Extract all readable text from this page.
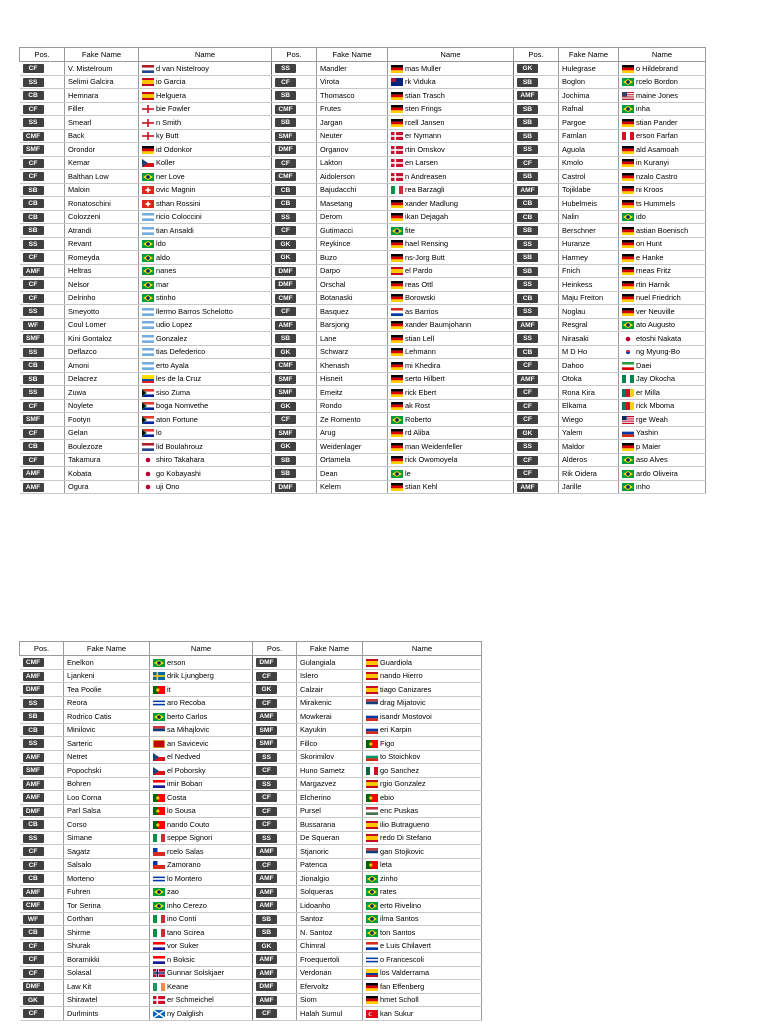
Pos.	Fake Name	Name	Pos.	Fake Name	Name	Pos.	Fake Name	Name
CF	V. Mistelroum	d van Nistelrooy	SS	Mandler	mas Muller	GK	Hulegrase	o Hildebrand
SS	Selimi Galcira	io Garcia	CF	Virota	rk Viduka	SB	Boglon	rcelo Bordon
CB	Hemnara	Helguera	SB	Thomasco	stian Trasch	AMF	Jochima	maine Jones
CF	Filler	bie Fowler	CMF	Frutes	sten Frings	SB	Rafnal	inha
SS	Smearl	n Smith	SB	Jargan	rcell Jansen	SB	Pargoe	stian Pander
CMF	Back	ky Butt	SMF	Neuter	er Nymann	SB	Famlan	erson Farfan
SMF	Orondor	id Odonkor	DMF	Organov	rtin Ornskov	SS	Aguola	ald Asamoah
CF	Kemar	Koller	CF	Lakton	en Larsen	CF	Kmolo	in Kuranyi
CF	Balthan Low	ner Love	CMF	Aidolerson	n Andreasen	SB	Castrol	nzalo Castro
SB	Maloin	ovic Magnin	CB	Bajudacchi	rea Barzagli	AMF	Tojiklabe	ni Kroos
CB	Ronatoschini	sthan Rossini	CB	Masetang	xander Madlung	CB	Hubelmeis	ts Hummels
CB	Colozzeni	ricio Coloccini	SS	Derom	ikan Dejagah	CB	Nalin	ido
SB	Atrandi	tian Ansaldi	CF	Gutimacci	fite	SB	Berschner	astian Boenisch
SS	Revant	ldo	GK	Reykince	hael Rensing	SS	Huranze	on Hunt
CF	Romeyda	aldo	GK	Buzo	ns-Jorg Butt	SB	Harmey	e Hanke
AMF	Heltras	nanes	DMF	Darpo	el Pardo	SB	Fnich	rneas Fritz
CF	Nelsor	mar	DMF	Orschal	reas Ottl	SS	Heinkess	rtin Harnik
CF	Delrinho	stinho	CMF	Botanaski	Borowski	CB	Maju Freiton	nuel Friedrich
SS	Smeyotto	llermo Barros Schelotto	CF	Basquez	as Barrios	SS	Noglau	ver Neuville
WF	Coul Lomer	udio Lopez	AMF	Barsjong	xander Baumjohann	AMF	Resgral	ato Augusto
SMF	Kini Gontaloz	Gonzalez	SB	Lane	stian Lell	SS	Nirasaki	etoshi Nakata
SS	Deflazco	tias Defederico	GK	Schwarz	Lehmann	CB	M D Ho	ng Myung-Bo
CB	Amoni	erto Ayala	CMF	Khenash	mi Khedira	CF	Dahoo	Daei
SB	Delacrez	les de la Cruz	SMF	Hisneit	serto Hilbert	AMF	Otoka	Jay Okocha
SS	Zuwa	siso Zuma	SMF	Emeitz	rick Ebert	CF	Rona Kira	er Milla
CF	Noylete	boga Nomvethe	GK	Rondo	ak Rost	CF	Elkama	rick Mboma
SMF	Footyn	aton Fortune	CF	Ze Romento	Roberto	CF	Wiego	rge Weah
CF	Gelan	lo	SMF	Arug	rd Aliba	GK	Yalem	Yashin
CB	Boulezoze	lid Boulahrouz	GK	Weidenlager	man Weidenfeller	SS	Maldor	p Maier
CF	Takamura	shiro Takahara	SB	Ortamela	rick Owomoyela	CF	Alderos	aso Alves
AMF	Kobata	go Kobayashi	SB	Dean	le	CF	Rik Oidera	ardo Oliveira
AMF	Ogura	uji Ono	DMF	Kelem	stian Kehl	AMF	Jarille	inho
Pos.	Fake Name	Name	Pos.	Fake Name	Name
CMF	Enelkon	erson	DMF	Gulangiala	Guardiola
AMF	Ljankeni	drik Ljungberg	CF	Islero	nando Hierro
DMF	Tea Poolie	it	GK	Calzair	tiago Canizares
SS	Reora	aro Recoba	CF	Mirakenic	drag Mijatovic
SB	Rodrico Catis	berto Carlos	AMF	Mowkerai	isandr Mostovoi
CB	Minilovic	sa Mihajlovic	SMF	Kayukin	eri Karpin
SS	Sarteric	an Savicevic	SMF	Fillco	Figo
AMF	Netret	el Nedved	SS	Skorimilov	to Stoichkov
SMF	Popochski	el Poborsky	CF	Huno Sametz	go Sanchez
AMF	Bohren	imir Boban	SS	Margazvez	rgio Gonzalez
AMF	Loo Corna	Costa	CF	Elcherino	ebio
DMF	Parl Salsa	lo Sousa	CF	Pursel	enc Puskas
CB	Corso	nando Couto	CF	Bussarana	ilio Butragueno
SS	Simane	seppe Signori	SS	De Squeran	redo Di Stefano
CF	Sagatz	rcelo Salas	AMF	Stjanoric	gan Stojkovic
CF	Salsalo	Zamorano	CF	Patenca	leta
CB	Morteno	lo Montero	AMF	Jionalgio	zinho
AMF	Fuhren	zao	AMF	Solqueras	rates
CMF	Tor Serina	inho Cerezo	AMF	Lidoanho	erto Rivelino
WF	Corthan	ino Conti	SB	Santoz	ilma Santos
CB	Shirme	tano Scirea	SB	N. Santoz	ton Santos
CF	Shurak	vor Suker	GK	Chimral	e Luis Chilavert
CF	Boramikki	n Boksic	AMF	Froequertoli	o Francescoli
CF	Solasal	Gunnar Solskjaer	AMF	Verdonan	los Valderrama
DMF	Law Kit	Keane	DMF	Efervoltz	fan Effenberg
GK	Shirawtel	er Schmeichel	AMF	Siom	hmet Scholl
CF	Durlmints	ny Dalglish	CF	Halah Sumul	kan Sukur
